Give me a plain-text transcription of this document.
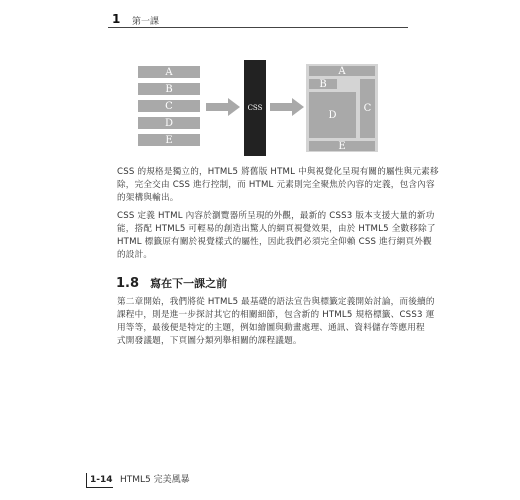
1 第一課
A
B
C
D
E
CSS
A
B
D
C
E

CSS 的規格是獨立的，HTML5 將舊版 HTML 中與視覺化呈現有關的屬性與元素移
除，完全交由 CSS 進行控制，而 HTML 元素則完全聚焦於內容的定義，包含內容
的架構與輸出。

CSS 定義 HTML 內容於瀏覽器所呈現的外觀，最新的 CSS3 版本支援大量的新功
能，搭配 HTML5 可輕易的創造出驚人的網頁視覺效果，由於 HTML5 全數移除了
HTML 標籤原有關於視覺樣式的屬性，因此我們必須完全仰賴 CSS 進行網頁外觀
的設計。

1.8 寫在下一課之前

第二章開始，我們將從 HTML5 最基礎的語法宣告與標籤定義開始討論，而後續的
課程中，則是進一步探討其它的相關細節，包含新的 HTML5 規格標籤、CSS3 運
用等等，最後便是特定的主題，例如繪圖與動畫處理、通訊、資料儲存等應用程
式開發議題，下頁圖分類列舉相關的課程議題。

1-14 HTML5 完美風暴
